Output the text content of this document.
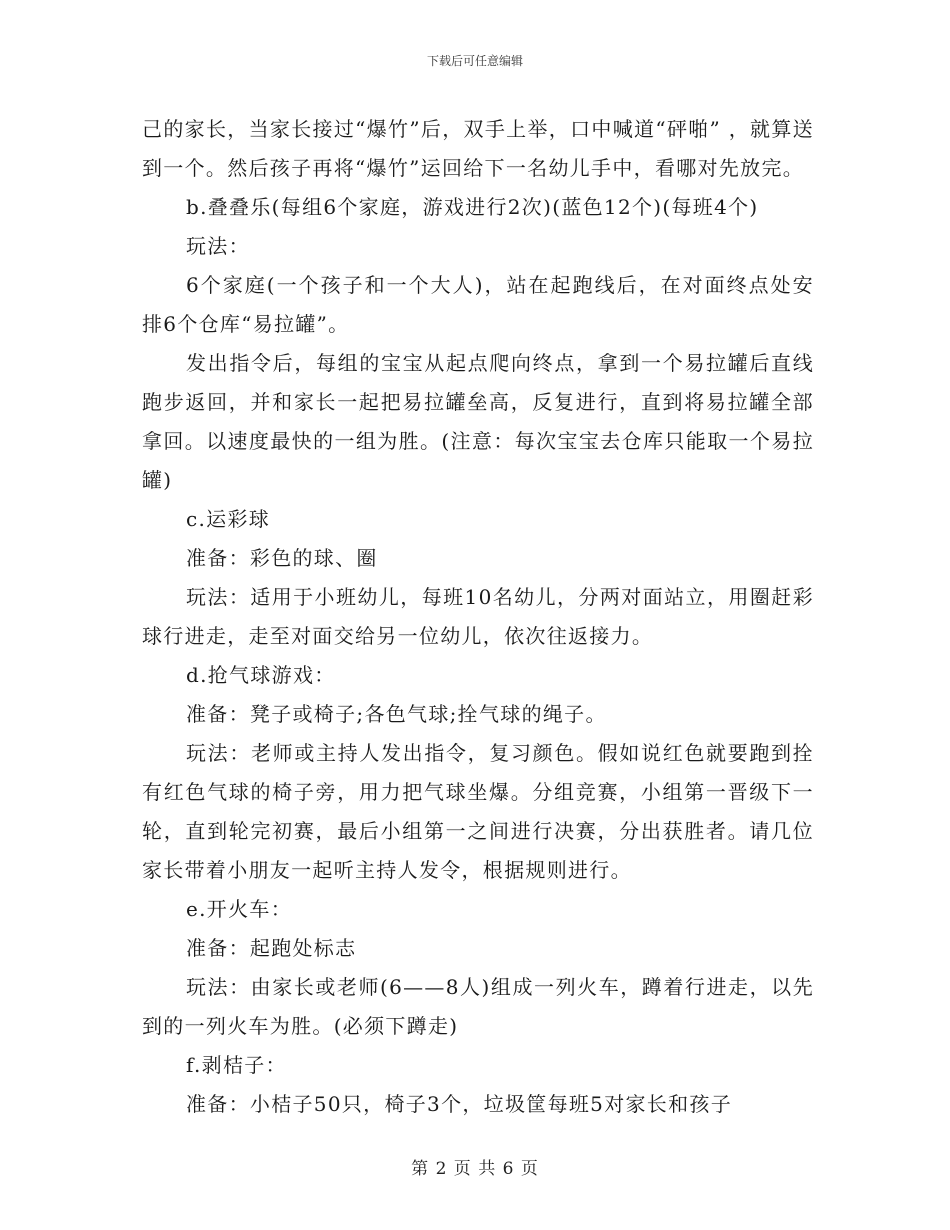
下载后可任意编辑

己的家长，当家长接过“爆竹”后，双手上举，口中喊道“砰啪” ，就算送到一个。然后孩子再将“爆竹”运回给下一名幼儿手中，看哪对先放完。

b.叠叠乐(每组6个家庭，游戏进行2次)(蓝色12个)(每班4个)

玩法：

6个家庭(一个孩子和一个大人)，站在起跑线后，在对面终点处安排6个仓库“易拉罐”。

发出指令后，每组的宝宝从起点爬向终点，拿到一个易拉罐后直线跑步返回，并和家长一起把易拉罐垒高，反复进行，直到将易拉罐全部拿回。以速度最快的一组为胜。(注意：每次宝宝去仓库只能取一个易拉罐)

c.运彩球

准备：彩色的球、圈

玩法：适用于小班幼儿，每班10名幼儿，分两对面站立，用圈赶彩球行进走，走至对面交给另一位幼儿，依次往返接力。

d.抢气球游戏：

准备：凳子或椅子;各色气球;拴气球的绳子。

玩法：老师或主持人发出指令，复习颜色。假如说红色就要跑到拴有红色气球的椅子旁，用力把气球坐爆。分组竞赛，小组第一晋级下一轮，直到轮完初赛，最后小组第一之间进行决赛，分出获胜者。请几位家长带着小朋友一起听主持人发令，根据规则进行。

e.开火车：

准备：起跑处标志

玩法：由家长或老师(6——8人)组成一列火车，蹲着行进走，以先到的一列火车为胜。(必须下蹲走)

f.剥桔子：

准备：小桔子50只，椅子3个，垃圾筐每班5对家长和孩子

第 2 页 共 6 页
